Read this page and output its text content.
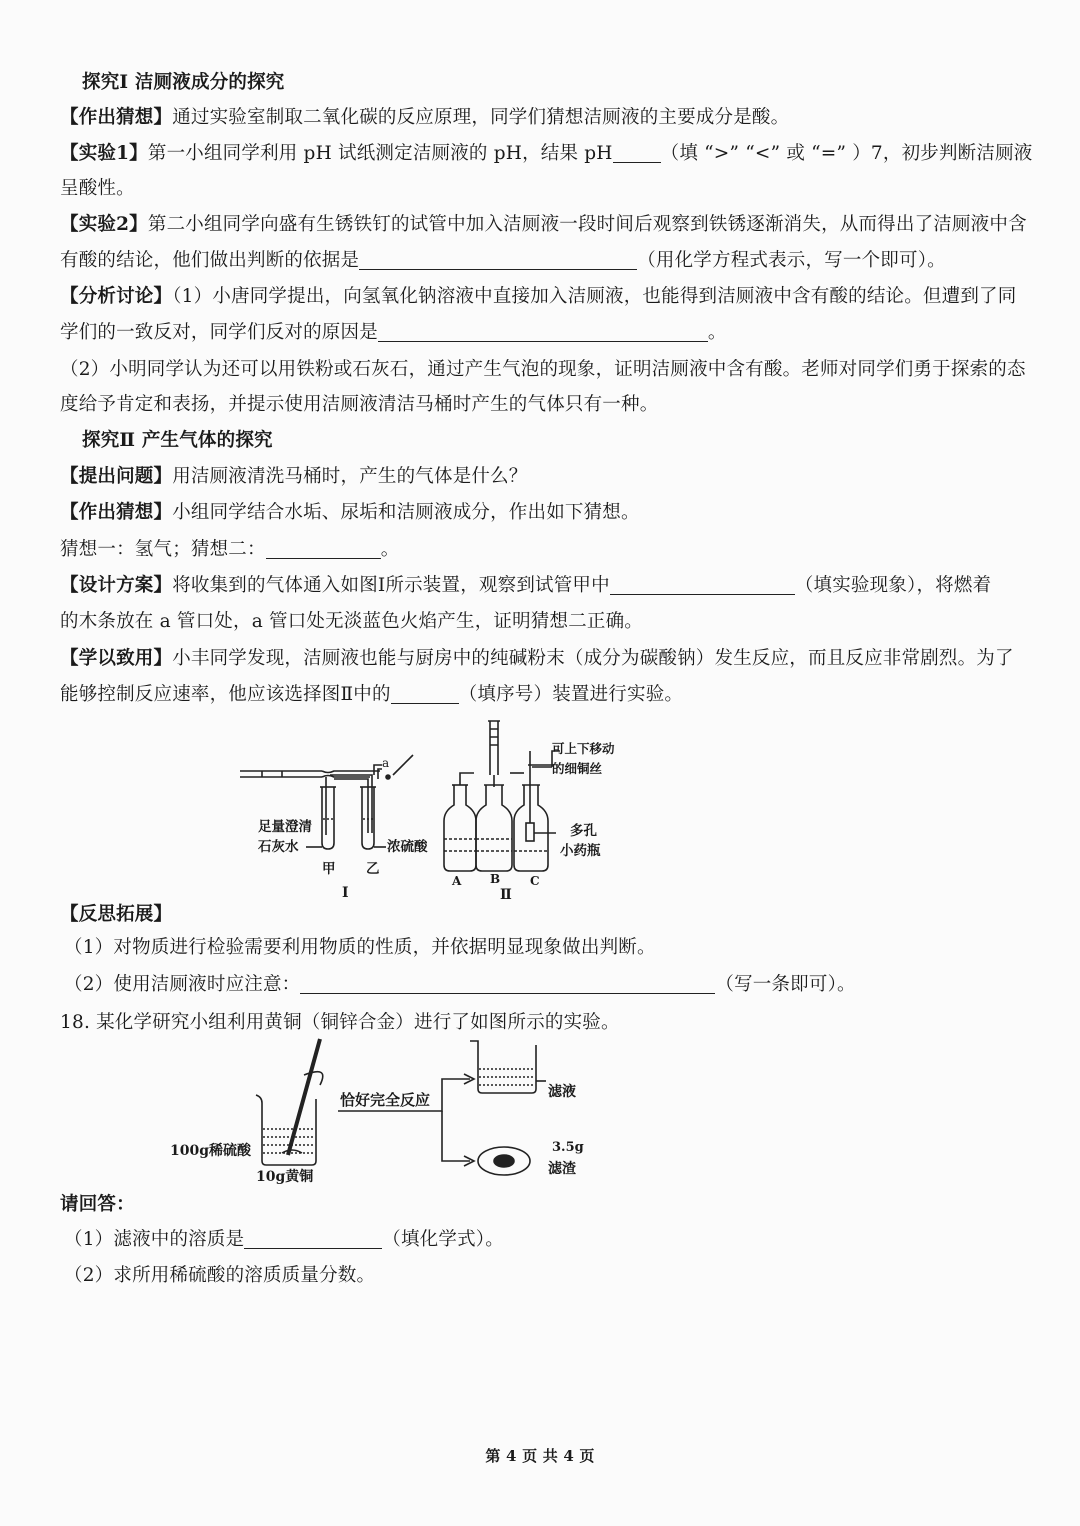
探究Ⅰ 洁厕液成分的探究
【作出猜想】通过实验室制取二氧化碳的反应原理，同学们猜想洁厕液的主要成分是酸。
【实验1】第一小组同学利用 pH 试纸测定洁厕液的 pH，结果 pH	（填 “>” “<” 或 “=” ）7，初步判断洁厕液
呈酸性。
【实验2】第二小组同学向盛有生锈铁钉的试管中加入洁厕液一段时间后观察到铁锈逐渐消失，从而得出了洁厕液中含
有酸的结论，他们做出判断的依据是	（用化学方程式表示，写一个即可）。
【分析讨论】（1）小唐同学提出，向氢氧化钠溶液中直接加入洁厕液，也能得到洁厕液中含有酸的结论。但遭到了同
学们的一致反对，同学们反对的原因是	。
（2）小明同学认为还可以用铁粉或石灰石，通过产生气泡的现象，证明洁厕液中含有酸。老师对同学们勇于探索的态
度给予肯定和表扬，并提示使用洁厕液清洁马桶时产生的气体只有一种。
探究Ⅱ 产生气体的探究
【提出问题】用洁厕液清洗马桶时，产生的气体是什么？
【作出猜想】小组同学结合水垢、尿垢和洁厕液成分，作出如下猜想。
猜想一：氢气；猜想二：	。
【设计方案】将收集到的气体通入如图Ⅰ所示装置，观察到试管甲中	（填实验现象），将燃着
的木条放在 a 管口处，a 管口处无淡蓝色火焰产生，证明猜想二正确。
【学以致用】小丰同学发现，洁厕液也能与厨房中的纯碱粉末（成分为碳酸钠）发生反应，而且反应非常剧烈。为了
能够控制反应速率，他应该选择图Ⅱ中的	（填序号）装置进行实验。
a
足量澄清
石灰水	浓硫酸
甲 乙
Ⅰ
可上下移动
的细铜丝
多孔
小药瓶
A B C
Ⅱ
【反思拓展】
（1）对物质进行检验需要利用物质的性质，并依据明显现象做出判断。
（2）使用洁厕液时应注意：	（写一条即可）。
18. 某化学研究小组利用黄铜（铜锌合金）进行了如图所示的实验。
100g稀硫酸
10g黄铜
恰好完全反应	滤液
3.5g
滤渣
请回答：
（1）滤液中的溶质是	（填化学式）。
（2）求所用稀硫酸的溶质质量分数。
第 4 页 共 4 页
